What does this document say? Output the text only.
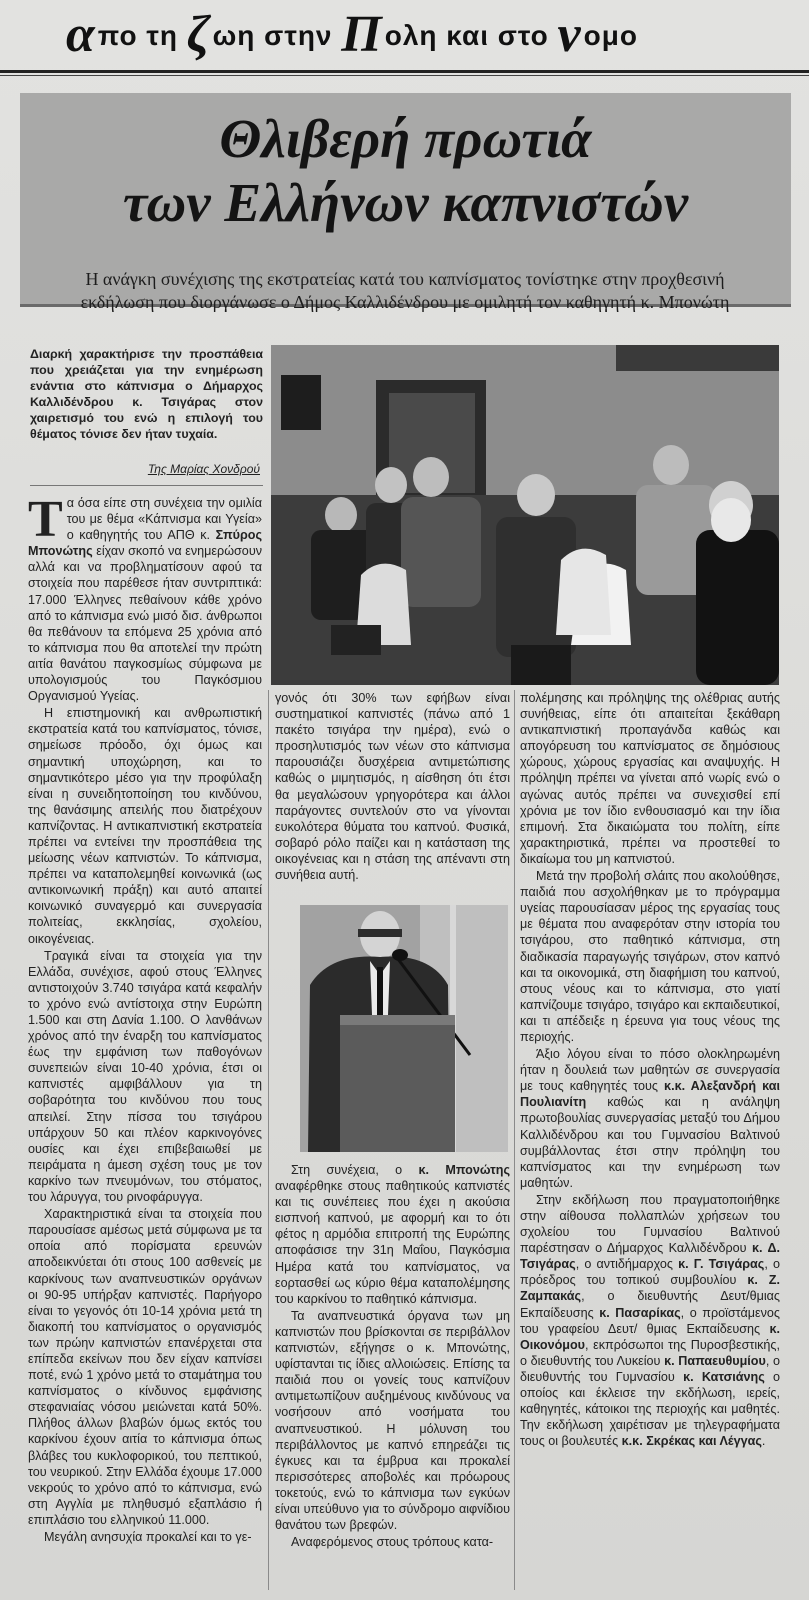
απο τη ζωη στην Πολη και στο νομο
Θλιβερή πρωτιά
των Ελλήνων καπνιστών
Η ανάγκη συνέχισης της εκστρατείας κατά του καπνίσματος τονίστηκε στην προχθεσινή
εκδήλωση που διοργάνωσε ο Δήμος Καλλιδένδρου με ομιλητή τον καθηγητή κ. Μπονώτη
Διαρκή χαρακτήρισε την προσπάθεια που χρειάζεται για την ενημέρωση ενάντια στο κάπνισμα ο Δήμαρχος Καλλιδένδρου κ. Τσιγάρας στον χαιρετισμό του ενώ η επιλογή του θέματος τόνισε δεν ήταν τυχαία.
Της Μαρίας Χονδρού

Τα όσα είπε στη συνέχεια την ομιλία του με θέμα «Κάπνισμα και Υγεία» ο καθηγητής του ΑΠΘ κ. Σπύρος Μπονώτης είχαν σκοπό να ενημερώσουν αλλά και να προβληματίσουν αφού τα στοιχεία που παρέθεσε ήταν συντριπτικά: 17.000 Έλληνες πεθαίνουν κάθε χρόνο από το κάπνισμα ενώ μισό δισ. άνθρωποι θα πεθάνουν τα επόμενα 25 χρόνια από το κάπνισμα που θα αποτελεί την πρώτη αιτία θανάτου παγκοσμίως σύμφωνα με υπολογισμούς του Παγκόσμιου Οργανισμού Υγείας.

Η επιστημονική και ανθρωπιστική εκστρατεία κατά του καπνίσματος, τόνισε, σημείωσε πρόοδο, όχι όμως και σημαντική υποχώρηση, και το σημαντικότερο μέσο για την προφύλαξη είναι η συνειδητοποίηση του κινδύνου, της θανάσιμης απειλής που διατρέχουν καπνίζοντας. Η αντικαπνιστική εκστρατεία πρέπει να εντείνει την προσπάθεια της μείωσης νέων καπνιστών. Το κάπνισμα, πρέπει να καταπολεμηθεί κοινωνικά (ως αντικοινωνική πράξη) και αυτό απαιτεί κοινωνικό συναγερμό και συνεργασία πολιτείας, εκκλησίας, σχολείου, οικογένειας.

Τραγικά είναι τα στοιχεία για την Ελλάδα, συνέχισε, αφού στους Έλληνες αντιστοιχούν 3.740 τσιγάρα κατά κεφαλήν το χρόνο ενώ αντίστοιχα στην Ευρώπη 1.500 και στη Δανία 1.100. Ο λανθάνων χρόνος από την έναρξη του καπνίσματος έως την εμφάνιση των παθογόνων συνεπειών είναι 10-40 χρόνια, έτσι οι καπνιστές αμφιβάλλουν για τη σοβαρότητα του κινδύνου που τους απειλεί. Στην πίσσα του τσιγάρου υπάρχουν 50 και πλέον καρκινογόνες ουσίες και έχει επιβεβαιωθεί με πειράματα η άμεση σχέση τους με τον καρκίνο των πνευμόνων, του στόματος, του λάρυγγα, του ρινοφάρυγγα.

Χαρακτηριστικά είναι τα στοιχεία που παρουσίασε αμέσως μετά σύμφωνα με τα οποία από πορίσματα ερευνών αποδεικνύεται ότι στους 100 ασθενείς με καρκίνους των αναπνευστικών οργάνων οι 90-95 υπήρξαν καπνιστές. Παρήγορο είναι το γεγονός ότι 10-14 χρόνια μετά τη διακοπή του καπνίσματος ο οργανισμός των πρώην καπνιστών επανέρχεται στα επίπεδα εκείνων που δεν είχαν καπνίσει ποτέ, ενώ 1 χρόνο μετά το σταμάτημα του καπνίσματος ο κίνδυνος εμφάνισης στεφανιαίας νόσου μειώνεται κατά 50%. Πλήθος άλλων βλαβών όμως εκτός του καρκίνου έχουν αιτία το κάπνισμα όπως βλάβες του κυκλοφορικού, του πεπτικού, του νευρικού. Στην Ελλάδα έχουμε 17.000 νεκρούς το χρόνο από το κάπνισμα, ενώ στη Αγγλία με πληθυσμό εξαπλάσιο ή επιπλάσιο του ελληνικού 11.000.

Μεγάλη ανησυχία προκαλεί και το γε-

γονός ότι 30% των εφήβων είναι συστηματικοί καπνιστές (πάνω από 1 πακέτο τσιγάρα την ημέρα), ενώ ο προσηλυτισμός των νέων στο κάπνισμα παρουσιάζει δυσχέρεια αντιμετώπισης καθώς ο μιμητισμός, η αίσθηση ότι έτσι θα μεγαλώσουν γρηγορότερα και άλλοι παράγοντες συντελούν στο να γίνονται ευκολότερα θύματα του καπνού. Φυσικά, σοβαρό ρόλο παίζει και η κατάσταση της οικογένειας και η στάση της απέναντι στη συνήθεια αυτή.

Στη συνέχεια, ο κ. Μπονώτης αναφέρθηκε στους παθητικούς καπνιστές και τις συνέπειες που έχει η ακούσια εισπνοή καπνού, με αφορμή και το ότι φέτος η αρμόδια επιτροπή της Ευρώπης αποφάσισε την 31η Μαΐου, Παγκόσμια Ημέρα κατά του καπνίσματος, να εορτασθεί ως κύριο θέμα καταπολέμησης του καρκίνου το παθητικό κάπνισμα.

Τα αναπνευστικά όργανα των μη καπνιστών που βρίσκονται σε περιβάλλον καπνιστών, εξήγησε ο κ. Μπονώτης, υφίστανται τις ίδιες αλλοιώσεις. Επίσης τα παιδιά που οι γονείς τους καπνίζουν αντιμετωπίζουν αυξημένους κινδύνους να νοσήσουν από νοσήματα του αναπνευστικού. Η μόλυνση του περιβάλλοντος με καπνό επηρεάζει τις έγκυες και τα έμβρυα και προκαλεί περισσότερες αποβολές και πρόωρους τοκετούς, ενώ το κάπνισμα των εγκύων είναι υπεύθυνο για το σύνδρομο αιφνίδιου θανάτου των βρεφών.

Αναφερόμενος στους τρόπους κατα-

πολέμησης και πρόληψης της ολέθριας αυτής συνήθειας, είπε ότι απαιτείται ξεκάθαρη αντικαπνιστική προπαγάνδα καθώς και απογόρευση του καπνίσματος σε δημόσιους χώρους, χώρους εργασίας και αναψυχής. Η πρόληψη πρέπει να γίνεται από νωρίς ενώ ο αγώνας αυτός πρέπει να συνεχισθεί επί χρόνια με τον ίδιο ενθουσιασμό και την ίδια επιμονή. Στα δικαιώματα του πολίτη, είπε χαρακτηριστικά, πρέπει να προστεθεί το δικαίωμα του μη καπνιστού.

Μετά την προβολή σλάιτς που ακολούθησε, παιδιά που ασχολήθηκαν με το πρόγραμμα υγείας παρουσίασαν μέρος της εργασίας τους με θέματα που αναφερόταν στην ιστορία του τσιγάρου, στο παθητικό κάπνισμα, στη διαδικασία παραγωγής τσιγάρων, στον καπνό και τα οικονομικά, στη διαφήμιση του καπνού, στους νέους και το κάπνισμα, στο γιατί καπνίζουμε τσιγάρο, τσιγάρο και εκπαιδευτικοί, και τι απέδειξε η έρευνα για τους νέους της περιοχής.

Άξιο λόγου είναι το πόσο ολοκληρωμένη ήταν η δουλειά των μαθητών σε συνεργασία με τους καθηγητές τους κ.κ. Αλεξανδρή και Πουλιανίτη καθώς και η ανάληψη πρωτοβουλίας συνεργασίας μεταξύ του Δήμου Καλλιδένδρου και του Γυμνασίου Βαλτινού συμβάλλοντας έτσι στην πρόληψη του καπνίσματος και την ενημέρωση των μαθητών.

Στην εκδήλωση που πραγματοποιήθηκε στην αίθουσα πολλαπλών χρήσεων του σχολείου του Γυμνασίου Βαλτινού παρέστησαν ο Δήμαρχος Καλλιδένδρου κ. Δ. Τσιγάρας, ο αντιδήμαρχος κ. Γ. Τσιγάρας, ο πρόεδρος του τοπικού συμβουλίου κ. Ζ. Ζαμπακάς, ο διευθυντής Δευτ/θμιας Εκπαίδευσης κ. Πασαρίκας, ο προϊστάμενος του γραφείου Δευτ/ θμιας Εκπαίδευσης κ. Οικονόμου, εκπρόσωποι της Πυροσβεστικής, ο διευθυντής του Λυκείου κ. Παπαευθυμίου, ο διευθυντής του Γυμνασίου κ. Κατσιάνης ο οποίος και έκλεισε την εκδήλωση, ιερείς, καθηγητές, κάτοικοι της περιοχής και μαθητές. Την εκδήλωση χαιρέτισαν με τηλεγραφήματα τους οι βουλευτές κ.κ. Σκρέκας και Λέγγας.
